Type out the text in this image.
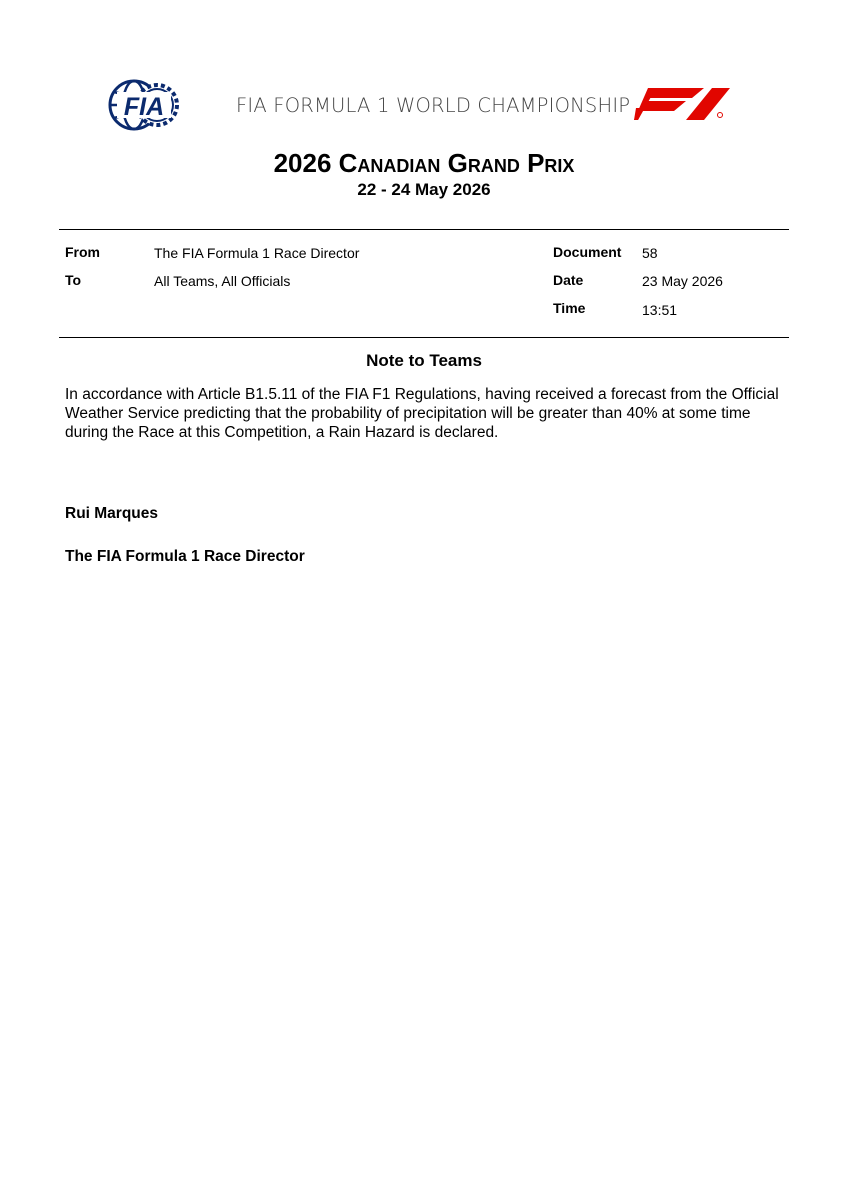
FIA	FIA FORMULA 1 WORLD CHAMPIONSHIP
2026 Canadian Grand Prix
22 - 24 May 2026
From	The FIA Formula 1 Race Director
To	All Teams, All Officials
Document 58
Date	23 May 2026
Time	13:51
Note to Teams
In accordance with Article B1.5.11 of the FIA F1 Regulations, having received a forecast from the Official Weather Service predicting that the probability of precipitation will be greater than 40% at some time during the Race at this Competition, a Rain Hazard is declared.
Rui Marques
The FIA Formula 1 Race Director
